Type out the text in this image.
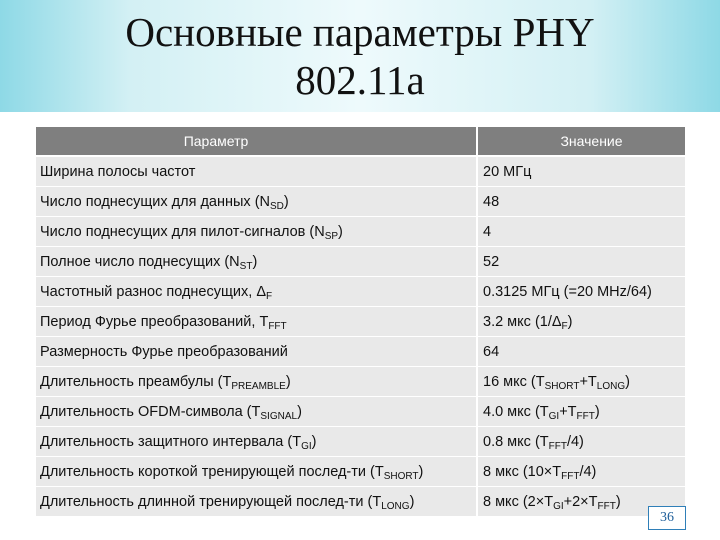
Основные параметры PHY
802.11a
Параметр	Значение
Ширина полосы частот	20 МГц
Число поднесущих для данных $(N_{SD})$	48
Число поднесущих для пилот-сигналов $(N_{SP})$	4
Полное число поднесущих $(N_{ST})$	52
Частотный разнос поднесущих, $\Delta_F$	0.3125 МГц (=20 MHz/64)
Период Фурье преобразований, $T_{FFT}$	3.2 мкс $(1/\Delta_F)$
Размерность Фурье преобразований	64
Длительность преамбулы $(T_{PREAMBLE})$	16 мкс $(T_{SHORT}+T_{LONG})$
Длительность OFDM-символа $(T_{SIGNAL})$	4.0 мкс $(T_{GI}+T_{FFT})$
Длительность защитного интервала $(T_{GI})$	0.8 мкс $(T_{FFT}/4)$
Длительность короткой тренирующей послед-ти $(T_{SHORT})$	8 мкс $(10\times T_{FFT}/4)$
Длительность длинной тренирующей послед-ти $(T_{LONG})$	8 мкс $(2\times T_{GI}+2\times T_{FFT})$
36
